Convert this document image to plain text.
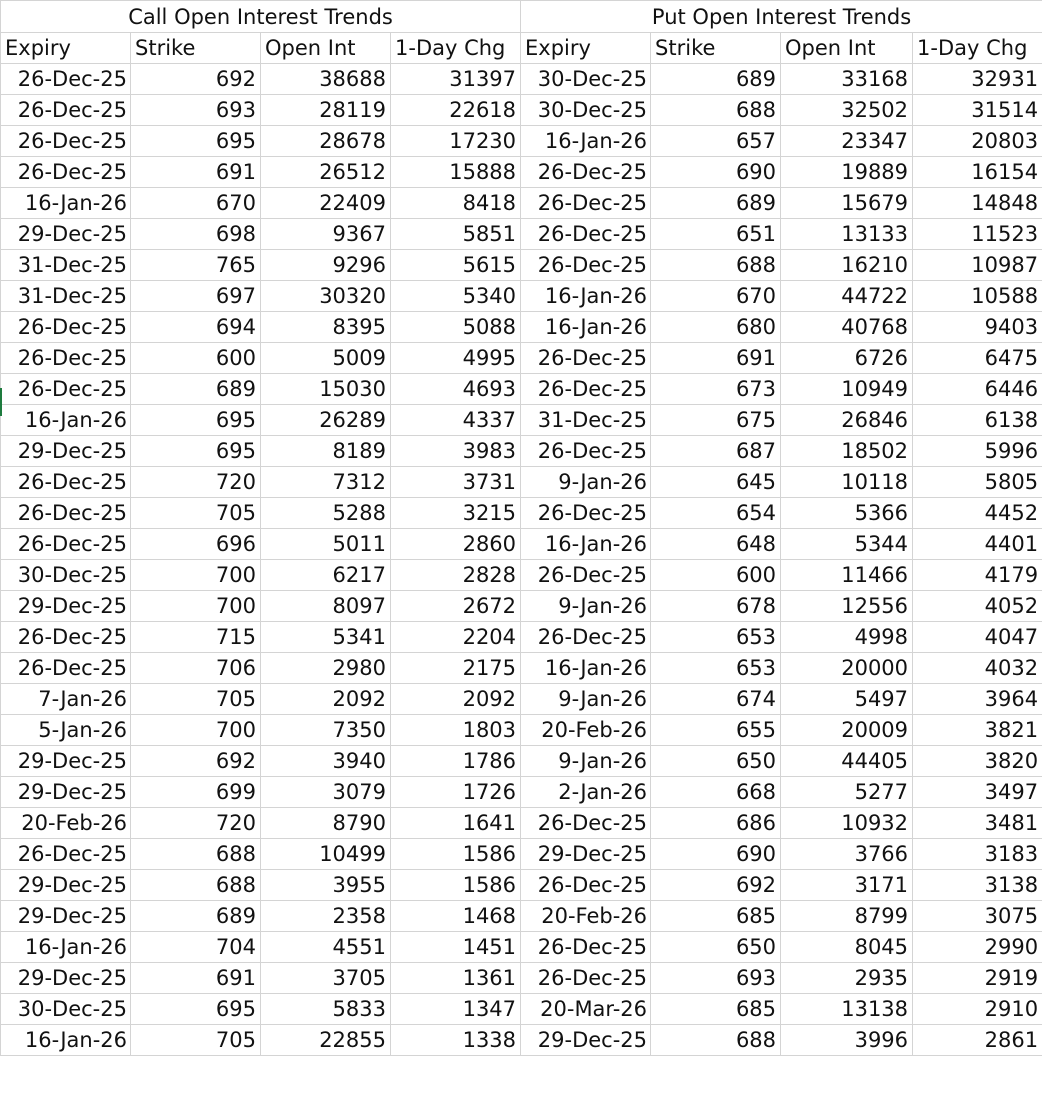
Call Open Interest Trends				Put Open Interest Trends			
Expiry	Strike	Open Int	1-Day Chg	Expiry	Strike	Open Int	1-Day Chg
26-Dec-25	692	38688	31397	30-Dec-25	689	33168	32931
26-Dec-25	693	28119	22618	30-Dec-25	688	32502	31514
26-Dec-25	695	28678	17230	16-Jan-26	657	23347	20803
26-Dec-25	691	26512	15888	26-Dec-25	690	19889	16154
16-Jan-26	670	22409	8418	26-Dec-25	689	15679	14848
29-Dec-25	698	9367	5851	26-Dec-25	651	13133	11523
31-Dec-25	765	9296	5615	26-Dec-25	688	16210	10987
31-Dec-25	697	30320	5340	16-Jan-26	670	44722	10588
26-Dec-25	694	8395	5088	16-Jan-26	680	40768	9403
26-Dec-25	600	5009	4995	26-Dec-25	691	6726	6475
26-Dec-25	689	15030	4693	26-Dec-25	673	10949	6446
16-Jan-26	695	26289	4337	31-Dec-25	675	26846	6138
29-Dec-25	695	8189	3983	26-Dec-25	687	18502	5996
26-Dec-25	720	7312	3731	9-Jan-26	645	10118	5805
26-Dec-25	705	5288	3215	26-Dec-25	654	5366	4452
26-Dec-25	696	5011	2860	16-Jan-26	648	5344	4401
30-Dec-25	700	6217	2828	26-Dec-25	600	11466	4179
29-Dec-25	700	8097	2672	9-Jan-26	678	12556	4052
26-Dec-25	715	5341	2204	26-Dec-25	653	4998	4047
26-Dec-25	706	2980	2175	16-Jan-26	653	20000	4032
7-Jan-26	705	2092	2092	9-Jan-26	674	5497	3964
5-Jan-26	700	7350	1803	20-Feb-26	655	20009	3821
29-Dec-25	692	3940	1786	9-Jan-26	650	44405	3820
29-Dec-25	699	3079	1726	2-Jan-26	668	5277	3497
20-Feb-26	720	8790	1641	26-Dec-25	686	10932	3481
26-Dec-25	688	10499	1586	29-Dec-25	690	3766	3183
29-Dec-25	688	3955	1586	26-Dec-25	692	3171	3138
29-Dec-25	689	2358	1468	20-Feb-26	685	8799	3075
16-Jan-26	704	4551	1451	26-Dec-25	650	8045	2990
29-Dec-25	691	3705	1361	26-Dec-25	693	2935	2919
30-Dec-25	695	5833	1347	20-Mar-26	685	13138	2910
16-Jan-26	705	22855	1338	29-Dec-25	688	3996	2861
